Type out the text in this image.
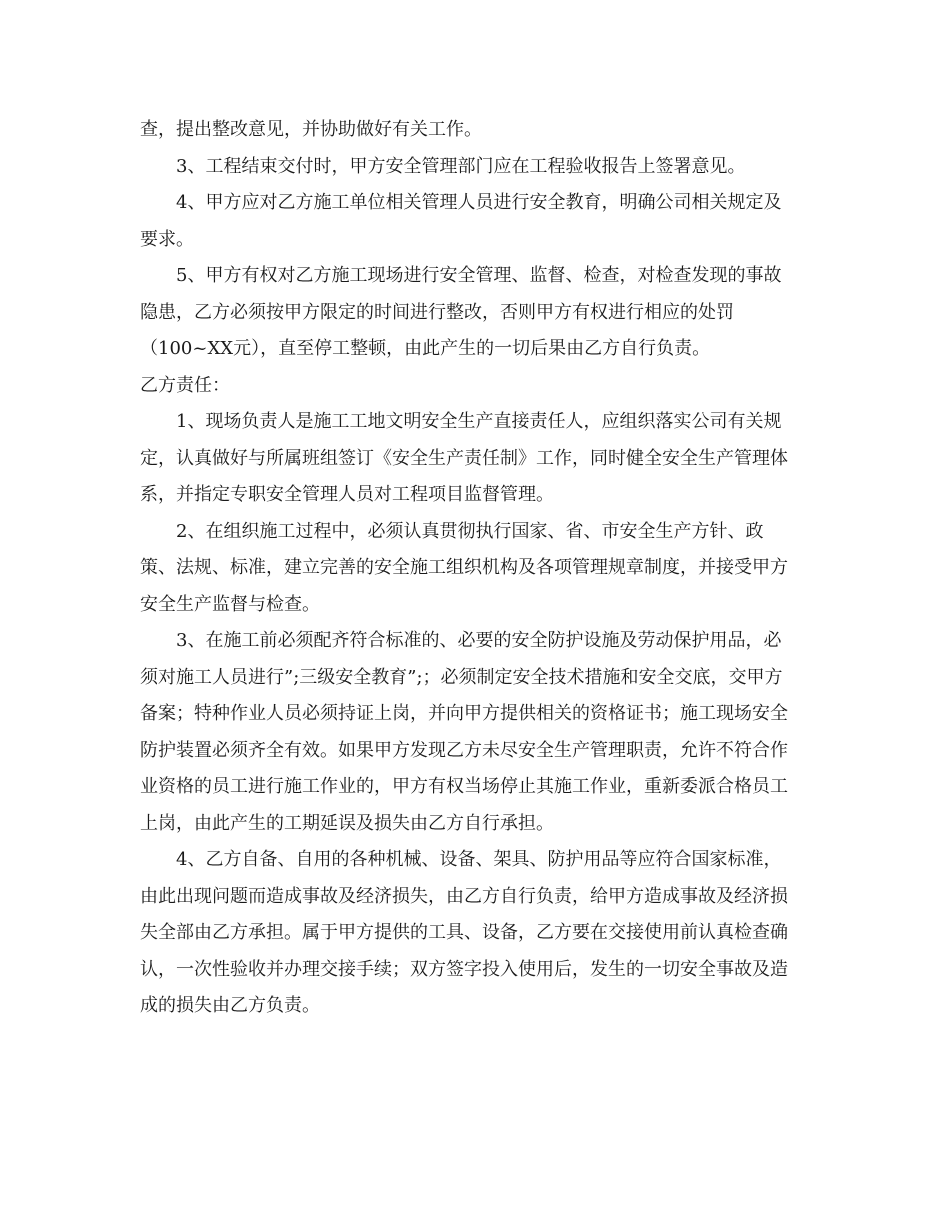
查，提出整改意见，并协助做好有关工作。
3、工程结束交付时，甲方安全管理部门应在工程验收报告上签署意见。
4、甲方应对乙方施工单位相关管理人员进行安全教育，明确公司相关规定及
要求。
5、甲方有权对乙方施工现场进行安全管理、监督、检查，对检查发现的事故
隐患，乙方必须按甲方限定的时间进行整改，否则甲方有权进行相应的处罚
（100~XX元），直至停工整顿，由此产生的一切后果由乙方自行负责。
乙方责任：
1、现场负责人是施工工地文明安全生产直接责任人，应组织落实公司有关规
定，认真做好与所属班组签订《安全生产责任制》工作，同时健全安全生产管理体
系，并指定专职安全管理人员对工程项目监督管理。
2、在组织施工过程中，必须认真贯彻执行国家、省、市安全生产方针、政
策、法规、标准，建立完善的安全施工组织机构及各项管理规章制度，并接受甲方
安全生产监督与检查。
3、在施工前必须配齐符合标准的、必要的安全防护设施及劳动保护用品，必
须对施工人员进行”;三级安全教育”;；必须制定安全技术措施和安全交底，交甲方
备案；特种作业人员必须持证上岗，并向甲方提供相关的资格证书；施工现场安全
防护装置必须齐全有效。如果甲方发现乙方未尽安全生产管理职责，允许不符合作
业资格的员工进行施工作业的，甲方有权当场停止其施工作业，重新委派合格员工
上岗，由此产生的工期延误及损失由乙方自行承担。
4、乙方自备、自用的各种机械、设备、架具、防护用品等应符合国家标准，
由此出现问题而造成事故及经济损失，由乙方自行负责，给甲方造成事故及经济损
失全部由乙方承担。属于甲方提供的工具、设备，乙方要在交接使用前认真检查确
认，一次性验收并办理交接手续；双方签字投入使用后，发生的一切安全事故及造
成的损失由乙方负责。
